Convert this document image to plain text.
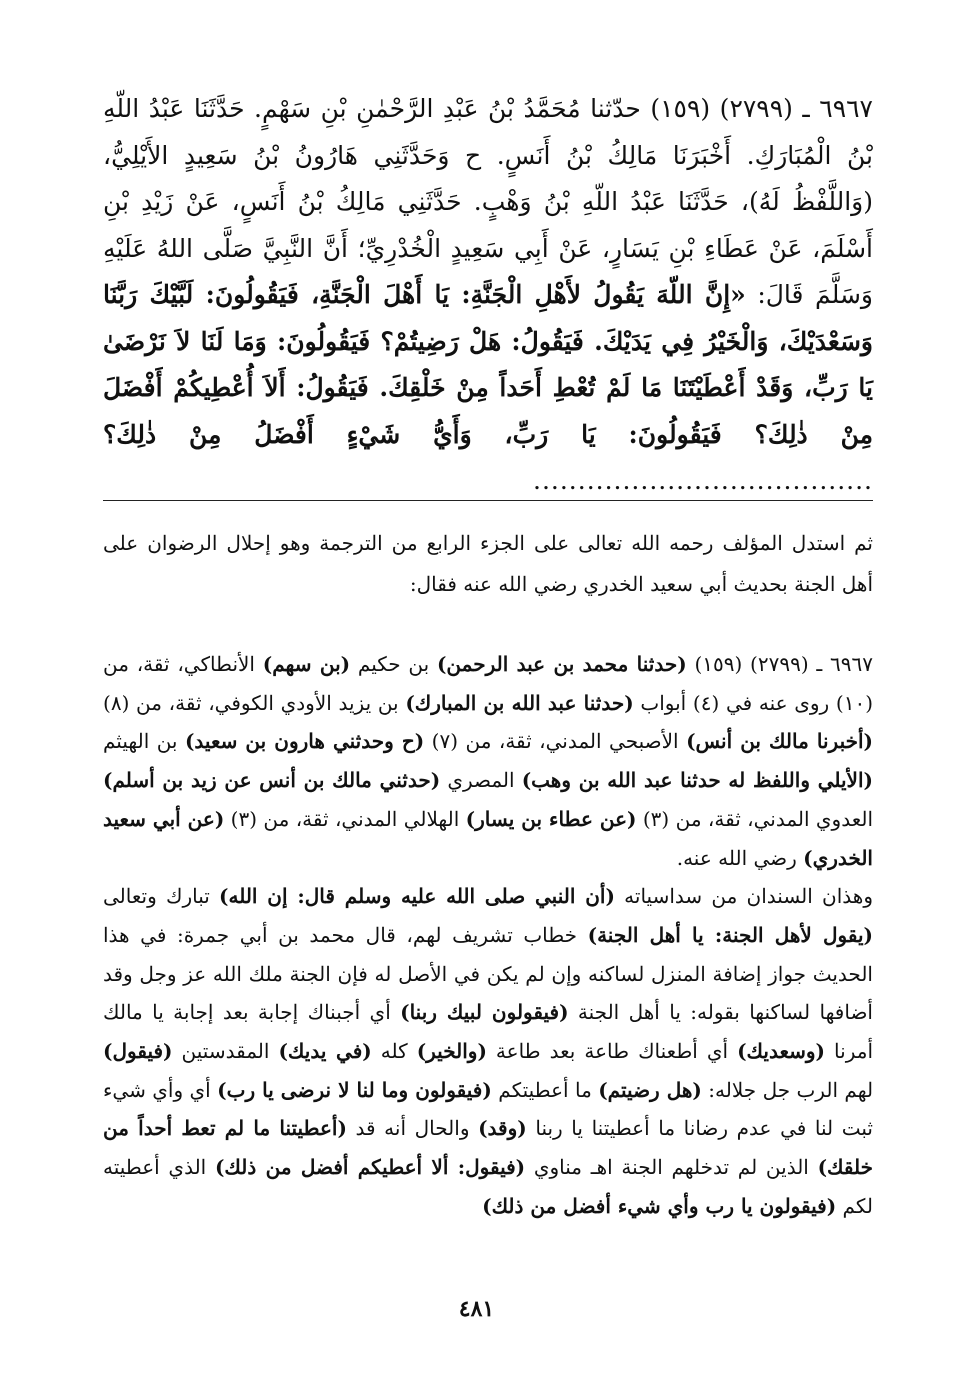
٦٩٦٧ ـ (٢٧٩٩) (١٥٩) حدّثنا مُحَمَّدُ بْنُ عَبْدِ الرَّحْمٰنِ بْنِ سَهْمٍ. حَدَّثَنَا عَبْدُ اللّهِ بْنُ الْمُبَارَكِ. أَخْبَرَنَا مَالِكُ بْنُ أَنَسٍ. ح وَحَدَّثَنِي هَارُونُ بْنُ سَعِيدٍ الأَيْلِيُّ، (وَاللَّفْظُ لَهُ)، حَدَّثَنَا عَبْدُ اللّهِ بْنُ وَهْبٍ. حَدَّثَنِي مَالِكُ بْنُ أَنَسٍ، عَنْ زَيْدِ بْنِ أَسْلَمَ، عَنْ عَطَاءِ بْنِ يَسَارٍ، عَنْ أَبِي سَعِيدٍ الْخُدْرِيِّ؛ أَنَّ النَّبِيَّ صَلَّى اللهُ عَلَيْهِ وَسَلَّمَ قَالَ: «إِنَّ اللّهَ يَقُولُ لأَهْلِ الْجَنَّةِ: يَا أَهْلَ الْجَنَّةِ، فَيَقُولُونَ: لَبَّيْكَ رَبَّنَا وَسَعْدَيْكَ، وَالْخَيْرُ فِي يَدَيْكَ. فَيَقُولُ: هَلْ رَضِيتُمْ؟ فَيَقُولُونَ: وَمَا لَنَا لاَ نَرْضَىٰ يَا رَبِّ، وَقَدْ أَعْطَيْتَنَا مَا لَمْ تُعْطِ أَحَداً مِنْ خَلْقِكَ. فَيَقُولُ: أَلاَ أُعْطِيكُمْ أَفْضَلَ مِنْ ذٰلِكَ؟ فَيَقُولُونَ: يَا رَبِّ، وَأَيُّ شَيْءٍ أَفْضَلُ مِنْ ذٰلِكَ؟ ......................................

ثم استدل المؤلف رحمه الله تعالى على الجزء الرابع من الترجمة وهو إحلال الرضوان على أهل الجنة بحديث أبي سعيد الخدري رضي الله عنه فقال:

٦٩٦٧ ـ (٢٧٩٩) (١٥٩) (حدثنا محمد بن عبد الرحمن) بن حكيم (بن سهم) الأنطاكي، ثقة، من (١٠) روى عنه في (٤) أبواب (حدثنا عبد الله بن المبارك) بن يزيد الأودي الكوفي، ثقة، من (٨) (أخبرنا مالك بن أنس) الأصبحي المدني، ثقة، من (٧) (ح وحدثني هارون بن سعيد) بن الهيثم (الأيلي واللفظ له حدثنا عبد الله بن وهب) المصري (حدثني مالك بن أنس عن زيد بن أسلم) العدوي المدني، ثقة، من (٣) (عن عطاء بن يسار) الهلالي المدني، ثقة، من (٣) (عن أبي سعيد الخدري) رضي الله عنه.

وهذان السندان من سداسياته (أن النبي صلى الله عليه وسلم قال: إن الله) تبارك وتعالى (يقول لأهل الجنة: يا أهل الجنة) خطاب تشريف لهم، قال محمد بن أبي جمرة: في هذا الحديث جواز إضافة المنزل لساكنه وإن لم يكن في الأصل له فإن الجنة ملك الله عز وجل وقد أضافها لساكنها بقوله: يا أهل الجنة (فيقولون لبيك ربنا) أي أجبناك إجابة بعد إجابة يا مالك أمرنا (وسعديك) أي أطعناك طاعة بعد طاعة (والخير) كله (في يديك) المقدستين (فيقول) لهم الرب جل جلاله: (هل رضيتم) ما أعطيتكم (فيقولون وما لنا لا نرضى يا رب) أي وأي شيء ثبت لنا في عدم رضانا ما أعطيتنا يا ربنا (وقد) والحال أنه قد (أعطيتنا ما لم تعط أحداً من خلقك) الذين لم تدخلهم الجنة اهـ مناوي (فيقول: ألا أعطيكم أفضل من ذلك) الذي أعطيته لكم (فيقولون يا رب وأي شيء أفضل من ذلك)

٤٨١
